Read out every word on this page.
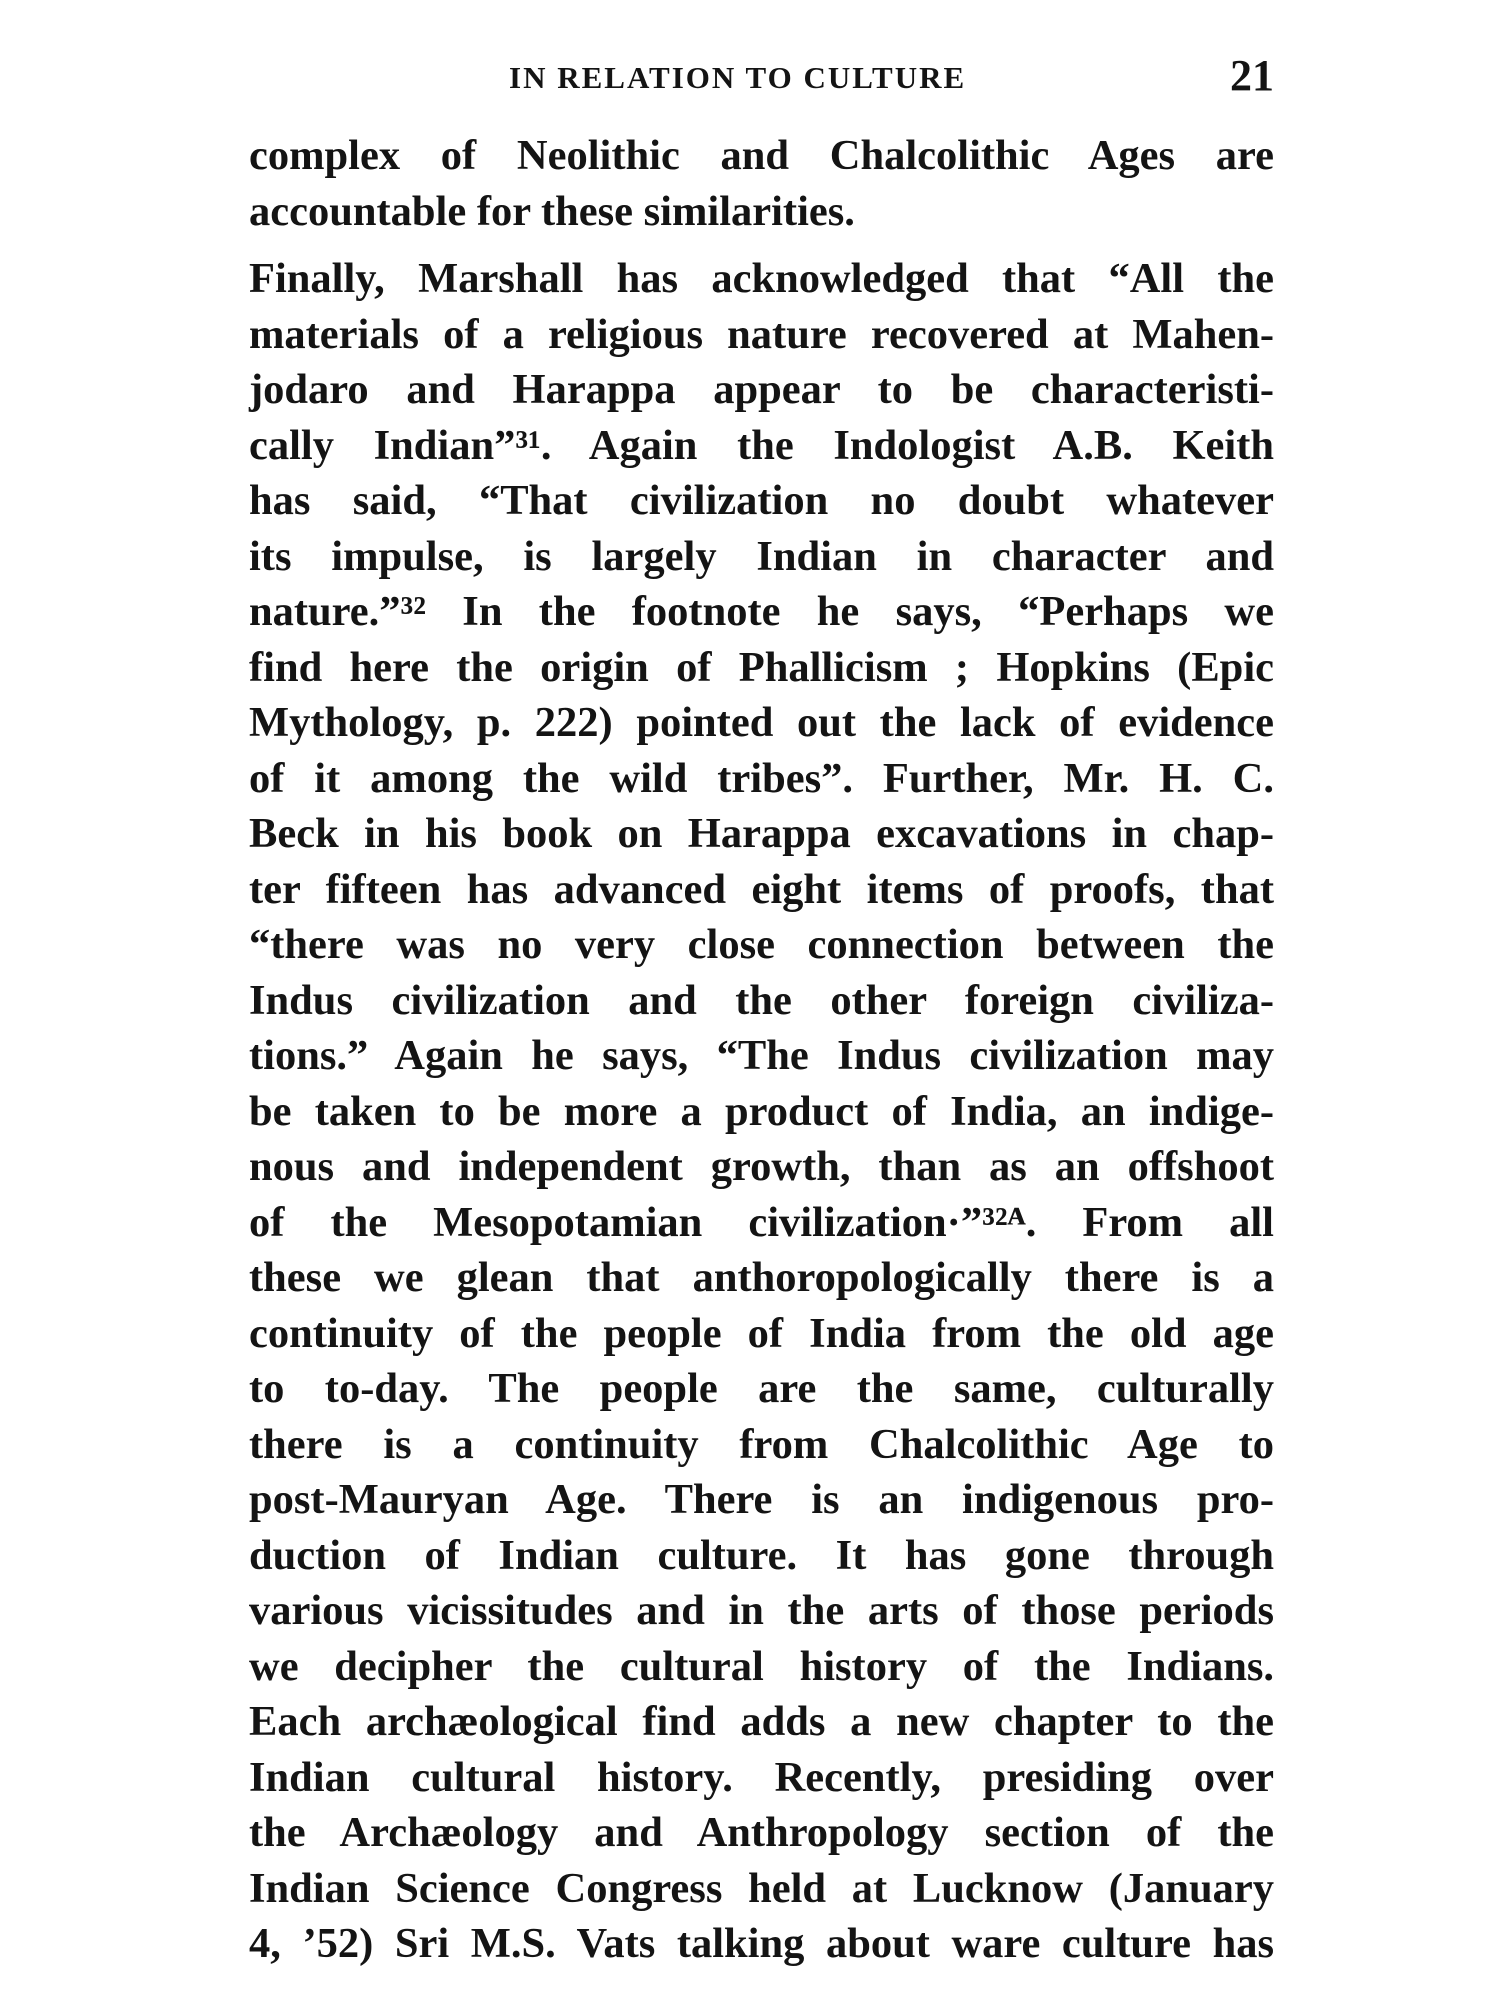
IN RELATION TO CULTURE	21

complex of Neolithic and Chalcolithic Ages are
accountable for these similarities.

Finally, Marshall has acknowledged that “All the
materials of a religious nature recovered at Mahen-
jodaro and Harappa appear to be characteristi-
cally Indian”³¹. Again the Indologist A.B. Keith
has said, “That civilization no doubt whatever
its impulse, is largely Indian in character and
nature.”³² In the footnote he says, “Perhaps we
find here the origin of Phallicism ; Hopkins (Epic
Mythology, p. 222) pointed out the lack of evidence
of it among the wild tribes”. Further, Mr. H. C.
Beck in his book on Harappa excavations in chap-
ter fifteen has advanced eight items of proofs, that
“there was no very close connection between the
Indus civilization and the other foreign civiliza-
tions.” Again he says, “The Indus civilization may
be taken to be more a product of India, an indige-
nous and independent growth, than as an offshoot
of the Mesopotamian civilization·”³²ᴬ. From all
these we glean that anthoropologically there is a
continuity of the people of India from the old age
to to-day. The people are the same, culturally
there is a continuity from Chalcolithic Age to
post-Mauryan Age. There is an indigenous pro-
duction of Indian culture. It has gone through
various vicissitudes and in the arts of those periods
we decipher the cultural history of the Indians.
Each archæological find adds a new chapter to the
Indian cultural history. Recently, presiding over
the Archæology and Anthropology section of the
Indian Science Congress held at Lucknow (January
4, ’52) Sri M.S. Vats talking about ware culture has
